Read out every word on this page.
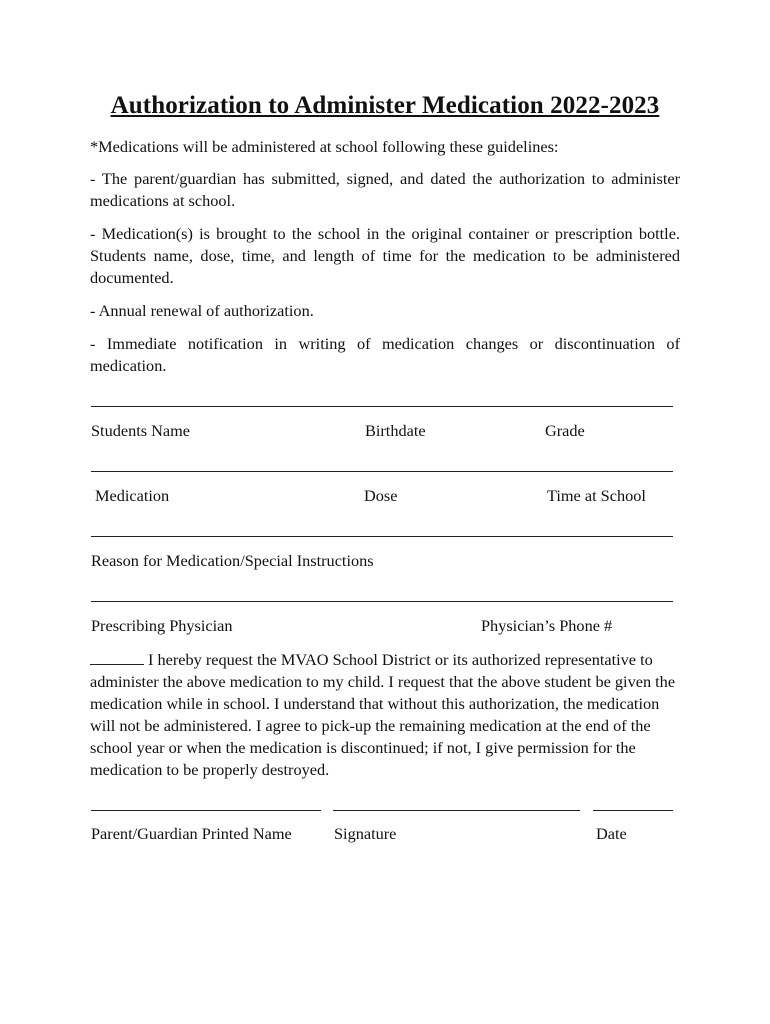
Authorization to Administer Medication 2022-2023
*Medications will be administered at school following these guidelines:
- The parent/guardian has submitted, signed, and dated the authorization to administer medications at school.
- Medication(s) is brought to the school in the original container or prescription bottle. Students name, dose, time, and length of time for the medication to be administered documented.
- Annual renewal of authorization.
- Immediate notification in writing of medication changes or discontinuation of medication.
Students Name	Birthdate	Grade
Medication	Dose	Time at School
Reason for Medication/Special Instructions
Prescribing Physician	Physician’s Phone #
I hereby request the MVAO School District or its authorized representative to administer the above medication to my child. I request that the above student be given the medication while in school. I understand that without this authorization, the medication will not be administered. I agree to pick-up the remaining medication at the end of the school year or when the medication is discontinued; if not, I give permission for the medication to be properly destroyed.
Parent/Guardian Printed Name	Signature	Date
